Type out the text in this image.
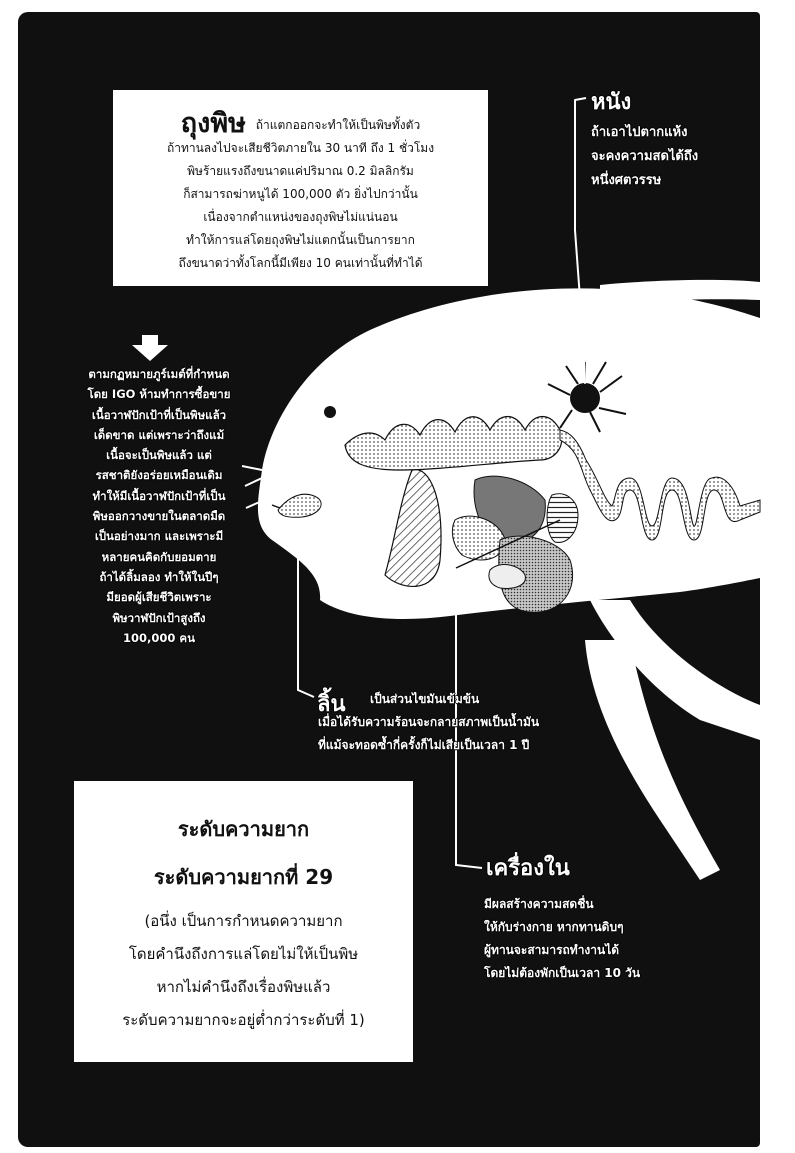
ถุงพิษ ถ้าแตกออกจะทำให้เป็นพิษทั้งตัว
ถ้าทานลงไปจะเสียชีวิตภายใน 30 นาที ถึง 1 ชั่วโมง
พิษร้ายแรงถึงขนาดแค่ปริมาณ 0.2 มิลลิกรัม
ก็สามารถฆ่าหนูได้ 100,000 ตัว ยิ่งไปกว่านั้น
เนื่องจากตำแหน่งของถุงพิษไม่แน่นอน
ทำให้การแล่โดยถุงพิษไม่แตกนั้นเป็นการยาก
ถึงขนาดว่าทั้งโลกนี้มีเพียง 10 คนเท่านั้นที่ทำได้
หนัง
ถ้าเอาไปตากแห้ง
จะคงความสดได้ถึง
หนึ่งศตวรรษ
ตามกฏหมายภูร์เมต์ที่กำหนด
โดย IGO ห้ามทำการซื้อขาย
เนื้อวาฬปักเป้าที่เป็นพิษแล้ว
เด็ดขาด แต่เพราะว่าถึงแม้
เนื้อจะเป็นพิษแล้ว แต่
รสชาติยังอร่อยเหมือนเดิม
ทำให้มีเนื้อวาฬปักเป้าที่เป็น
พิษออกวางขายในตลาดมืด
เป็นอย่างมาก และเพราะมี
หลายคนคิดกับยอมตาย
ถ้าได้ลิ้มลอง ทำให้ในปีๆ
มียอดผู้เสียชีวิตเพราะ
พิษวาฬปักเป้าสูงถึง
100,000 คน
ลิ้น	เป็นส่วนไขมันเข้มข้น
เมื่อได้รับความร้อนจะกลายสภาพเป็นน้ำมัน
ที่แม้จะทอดซ้ำกี่ครั้งก็ไม่เสียเป็นเวลา 1 ปี
เครื่องใน
มีผลสร้างความสดชื่น
ให้กับร่างกาย หากทานดิบๆ
ผู้ทานจะสามารถทำงานได้
โดยไม่ต้องพักเป็นเวลา 10 วัน
ระดับความยาก
ระดับความยากที่ 29
(อนึ่ง เป็นการกำหนดความยาก
โดยคำนึงถึงการแล่โดยไม่ให้เป็นพิษ
หากไม่คำนึงถึงเรื่องพิษแล้ว
ระดับความยากจะอยู่ต่ำกว่าระดับที่ 1)
